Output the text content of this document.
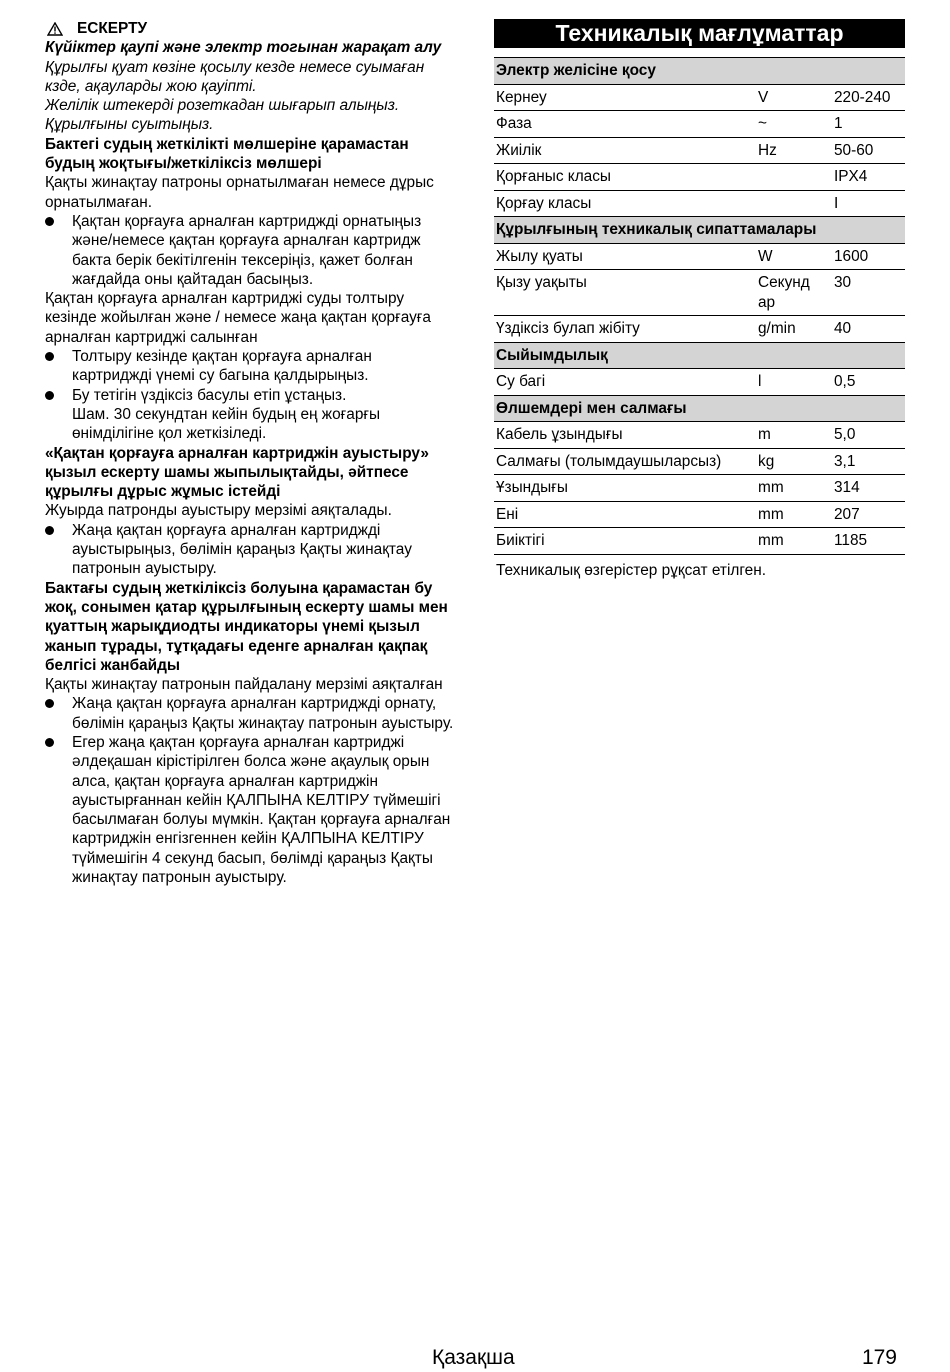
ЕСКЕРТУ

Күйіктер қаупі және электр тогынан жарақат алу

Құрылғы қуат көзіне қосылу кезде немесе суымаған кзде, ақауларды жою қауіпті.

Желілік штекерді розеткадан шығарып алыңыз. Құрылғыны суытыңыз.

Бактегі судың жеткілікті мөлшеріне қарамастан будың жоқтығы/жеткіліксіз мөлшері

Қақты жинақтау патроны орнатылмаған немесе дұрыс орнатылмаған.

Қақтан қорғауға арналған картриджді орнатыңыз және/немесе қақтан қорғауға арналған картридж бакта берік бекітілгенін тексеріңіз, қажет болған жағдайда оны қайтадан басыңыз.

Қақтан қорғауға арналған картриджі суды толтыру кезінде жойылған және / немесе жаңа қақтан қорғауға арналған картриджі салынған

Толтыру кезінде қақтан қорғауға арналған картриджді үнемі су багына қалдырыңыз.

Бу тетігін үздіксіз басулы етіп ұстаңыз.

Шам. 30 секундтан кейін будың ең жоғарғы өнімділігіне қол жеткізіледі.

«Қақтан қорғауға арналған картриджін ауыстыру» қызыл ескерту шамы жыпылықтайды, әйтпесе құрылғы дұрыс жұмыс істейді

Жуырда патронды ауыстыру мерзімі аяқталады.

Жаңа қақтан қорғауға арналған картриджді ауыстырыңыз, бөлімін қараңыз Қақты жинақтау патронын ауыстыру.

Бактағы судың жеткіліксіз болуына қарамастан бу жоқ, сонымен қатар құрылғының ескерту шамы мен қуаттың жарықдиодты индикаторы үнемі қызыл жанып тұрады, тұтқадағы еденге арналған қақпақ белгісі жанбайды

Қақты жинақтау патронын пайдалану мерзімі аяқталған

Жаңа қақтан қорғауға арналған картриджді орнату, бөлімін қараңыз Қақты жинақтау патронын ауыстыру.

Егер жаңа қақтан қорғауға арналған картриджі әлдеқашан кірістірілген болса және ақаулық орын алса, қақтан қорғауға арналған картриджін ауыстырғаннан кейін ҚАЛПЫНА КЕЛТІРУ түймешігі басылмаған болуы мүмкін. Қақтан қорғауға арналған картриджін енгізгеннен кейін ҚАЛПЫНА КЕЛТІРУ түймешігін 4 секунд басып, бөлімді қараңыз Қақты жинақтау патронын ауыстыру.

Техникалық мағлұматтар
Электр желісіне қосу		
Кернеу	V	220-240
Фаза	~	1
Жиілік	Hz	50-60
Қорғаныс класы		IPX4
Қорғау класы		I
Құрылғының техникалық сипаттамалары		
Жылу қуаты	W	1600
Қызу уақыты	Секунд ар	30
Үздіксіз булап жібіту	g/min	40
Сыйымдылық		
Су багі	l	0,5
Өлшемдері мен салмағы		
Кабель ұзындығы	m	5,0
Салмағы (толымдаушыларсыз)	kg	3,1
Ұзындығы	mm	314
Ені	mm	207
Биіктігі	mm	1185
Техникалық өзгерістер рұқсат етілген.
Қазақша	179
